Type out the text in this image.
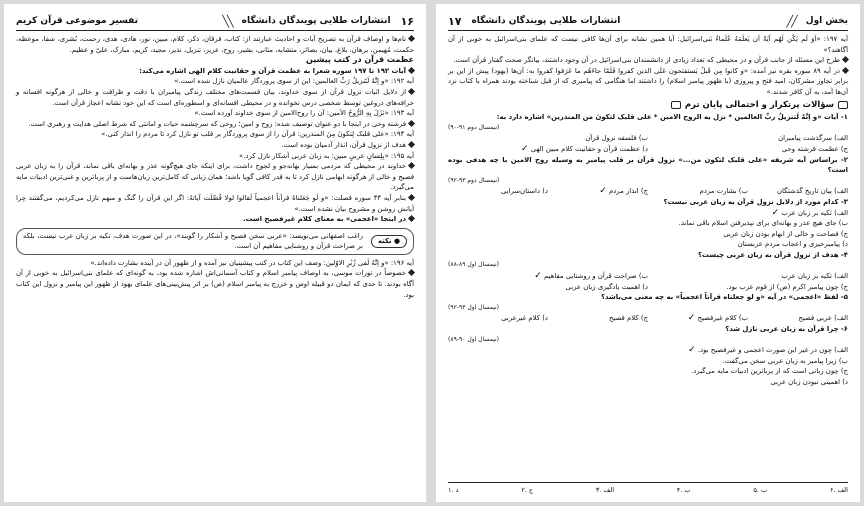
۱۶
انتشارات طلایی پویندگان دانشگاه
╲╲
تفسیر موضوعی قرآن کریم

نام‌ها و اوصاف قرآن به تصریح آیات و احادیث عبارتند از: کتاب، فرقان، ذکر، کلام، مبین، نور، هادی، هدی، رحمت، بُشری، شفا، موعظه، حکمت، مُهیمن، برهان، بلاغ، بیان، بصائر، متشابه، مثانی، بشیر، روح، عزیز، تنزیل، نذیر، مجید، کریم، مبارک، علیّ و عظیم.

عظمت قرآن در کتب پیشین

آیات ۱۹۲ تا ۱۹۷ سوره شعرا به عظمت قرآن و حقانیت کلام الهی اشاره می‌کند:

آیه ۱۹۲: «و اِنَّهُ لَتَنزیلُ رَبِّ العالمین: این از سوی پروردگار عالمیان نازل شده است.»

از دلایل اثبات نزول قرآن از سوی خداوند، بیان قسمت‌های مختلف زندگی پیامبران با دقت و ظرافت و خالی از هرگونه افسانه و خرافه‌های دروغین توسط شخصی درس نخوانده و در محیطی افسانه‌ای و اسطوره‌ای است که این خود نشانه اعجاز قرآن است.

آیه ۱۹۳: «نَزَلَ بِهِ الرُّوحُ الاَمین: آن را روح‌الامین از سوی خداوند آورده است.»

فرشته وحی در اینجا با دو عنوان توصیف شده: روح و امین؛ روحی که سرچشمه حیات و امانتی که شرط اصلی هدایت و رهبری است.

آیه ۱۹۴: «علی قلبک لِتکونَ مِنَ المنذرین: قرآن را از سوی پروردگار بر قلب تو نازل کرد تا مردم را انذار کنی.»

هدف از نزول قرآن، انذار آدمیان بوده است.

آیه ۱۹۵: «بِلِسانٍ عربیٍ مبین: به زبان عربی آشکار نازل کرد.»

خداوند در محیطی که مردمی بسیار بهانه‌جو و لجوج داشت، برای اینکه جای هیچ‌گونه عذر و بهانه‌ای باقی نماند، قرآن را به زبان عربی فصیح و خالی از هرگونه ابهامی نازل کرد تا به قدر کافی گویا باشد؛ همان زبانی که کامل‌ترین زبان‌هاست و از پرباترین و غنی‌ترین ادبیات مایه می‌گیرد.

بنابر آیه ۴۴ سوره فصلت: «و لَو جَعَلناهُ قرآناً اعجمیاً لَقالوا لولا فُصِّلَت آیاتهُ: اگر این قرآن را گنگ و مبهم نازل می‌کردیم، می‌گفتند چرا آیاتش روشن و مشروح بیان نشده است.»

در اینجا «اعجمی» به معنای کلام غیرفصیح است.

● نکته
راغب اصفهانی می‌نویسد: «عربی سخن فصیح و آشکار را گویند»، در این صورت هدف، تکیه بر زبان عرب نیست، بلکه بر صراحت قرآن و روشنایی مفاهیم آن است.

آیه ۱۹۶: «و اِنَّهُ لَفی زُبُرِ الاوّلین: وصف این کتاب در کتب پیشینیان نیز آمده و از ظهور آن در آینده بشارت داده‌اند.»

خصوصاً در تورات موسی، به اوصاف پیامبر اسلام و کتاب آسمانی‌اش اشاره شده بود، به گونه‌ای که علمای بنی‌اسرائیل به خوبی از آن آگاه بودند. تا حدی که ایمان دو قبیله اوس و خزرج به پیامبر اسلام (ص) بر اثر پیش‌بینی‌های علمای یهود از ظهور این پیامبر و نزول این کتاب بود.

بخش اول
╱╱
انتشارات طلایی پویندگان دانشگاه
۱۷

آیه ۱۹۷: «اَوَ لَم یَکُن لَهُم آیَةً اَن یَعلَمَهُ عُلَماءُ بَنی‌اسرائیل: آیا همین نشانه برای آن‌ها کافی نیست که علمای بنی‌اسرائیل به خوبی از آن آگاهند؟»

طرح این مسئله از جانب قرآن و در محیطی که تعداد زیادی از دانشمندان بنی‌اسرائیل در آن وجود داشتند، بیانگر صحت گفتار قرآن است.

در آیه ۸۹ سوره بقره نیز آمده: «و کانوا مِن قَبلُ یَستفتحون عَلَی الذین کفروا فَلَمّا جاءَهُم ما عَرَفوا کفروا به: آن‌ها (یهود) پیش از این بر برابر تجاوز مشرکان، امید فتح و پیروزی (با ظهور پیامبر اسلام) را داشتند اما هنگامی که پیامبری که از قبل شناخته بودند همراه با کتاب نزد آن‌ها آمد، به آن کافر شدند.»

سؤالات پرتکرار و احتمالی پایان ترم

۱- آیات «و اِنَّهُ لَتنزیلُ ربِّ العالمین * نزل به الروح الامین * علی قلبک لتکونَ من المنذرین» اشاره دارد به:

(نیمسال دوم ۹۱-۹۰)

الف) سرگذشت پیامبران
ب) فلسفه نزول قرآن
ج) عظمت فرشته وحی
د) عظمت قرآن و حقانیت کلام مبین الهی ✓

۲- براساس آیه شریفه «علی قلبک لتکون من...» نزول قرآن بر قلب پیامبر به وسیله روح الامین با چه هدفی بوده است؟

(نیمسال دوم ۹۳-۹۲)

الف) بیان تاریخ گذشتگان
ب) بشارت مردم
ج) انذار مردم ✓
د) داستان‌سرایی

۳- کدام مورد از دلایل نزول قرآن به زبان عربی نیست؟

الف) تکیه بر زبان عرب ✓

ب) جای هیچ عذر و بهانه‌ای برای نپذیرفتن اسلام باقی نماند.

ج) فصاحت و خالی از ابهام بودن زبان عربی

د) پیامبرخیزی و اعجاب مردم عربستان

۴- هدف از نزول قرآن به زبان عربی چیست؟

(نیمسال اول ۸۹-۸۸)

الف) تکیه بر زبان عرب
ب) صراحت قرآن و روشنایی مفاهیم ✓
ج) چون پیامبر اکرم (ص) از قوم عرب بود.
د) اهمیت یادگیری زبان عربی

۵- لفظ «اعجمی» در آیه «و لو جعلناه قرآناً اعجمیاً» به چه معنی می‌باشد؟

(نیمسال اول ۹۳-۹۲)

الف) عربی فصیح
ب) کلام غیرفصیح ✓
ج) کلام فصیح
د) کلام غیرعربی

۶- چرا قرآن به زبان عربی نازل شد؟

(نیمسال اول ۹۰-۸۹)

الف) چون در غیر این صورت اعجمی و غیرفصیح بود. ✓

ب) زیرا پیامبر به زبان عربی سخن می‌گفت.

ج) چون زبانی است که از پرباترین ادبیات مایه می‌گیرد.

د) اهمیتی نبودن زبان عربی

۱. د	۲. ج	۳. الف	۴. ب	۵. ب	۶. الف
